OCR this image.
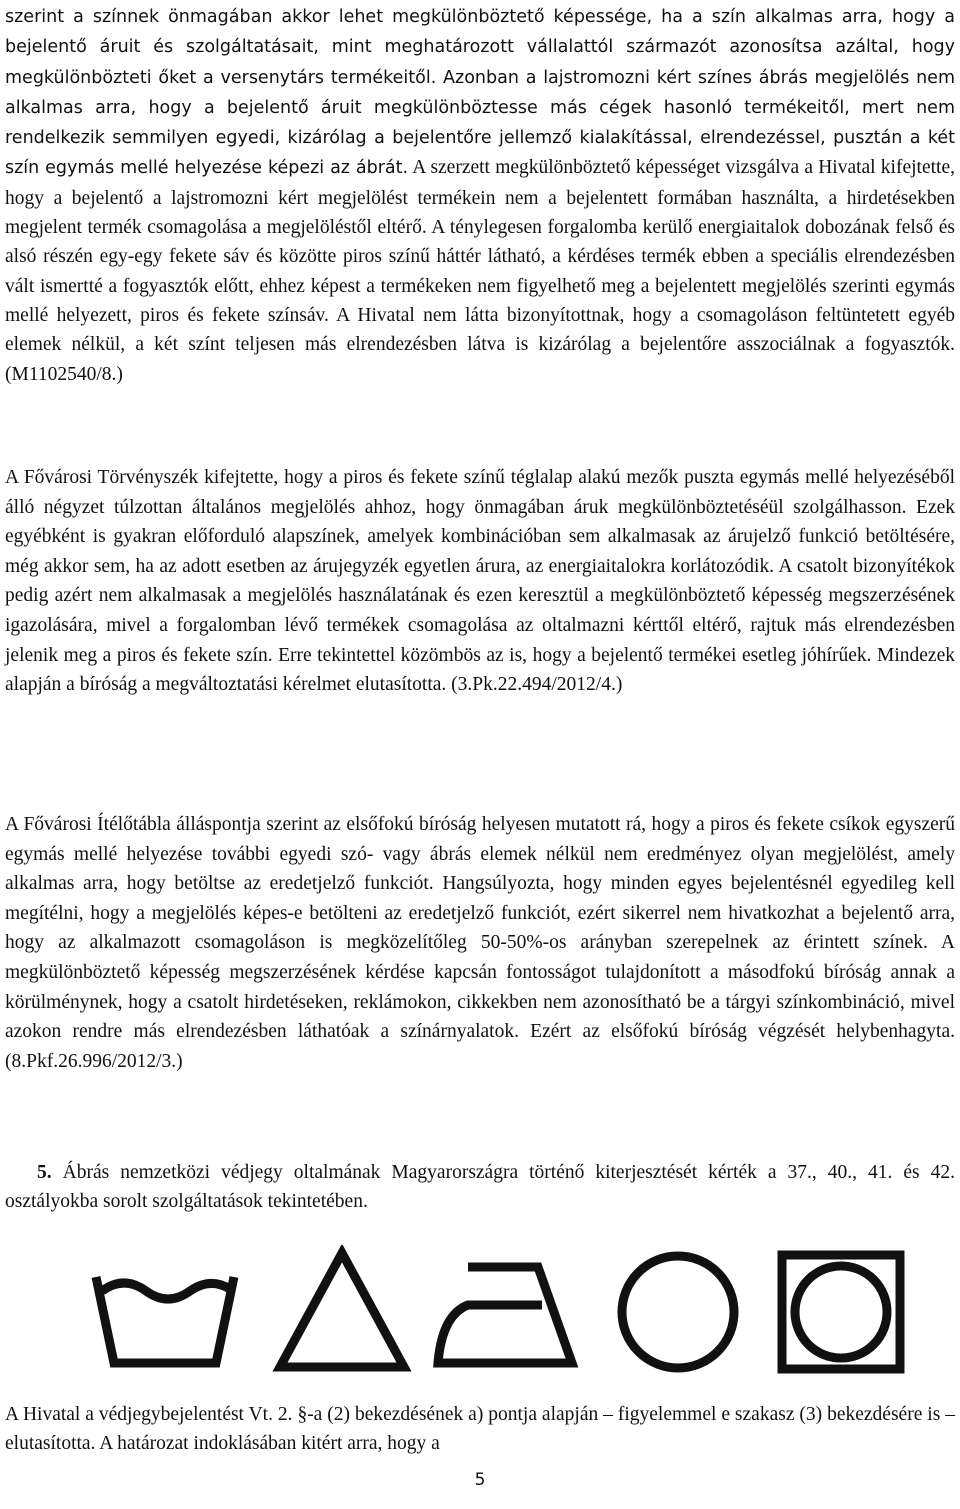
szerint a színnek önmagában akkor lehet megkülönböztető képessége, ha a szín alkalmas arra, hogy a bejelentő áruit és szolgáltatásait, mint meghatározott vállalattól származót azonosítsa azáltal, hogy megkülönbözteti őket a versenytárs termékeitől. Azonban a lajstromozni kért színes ábrás megjelölés nem alkalmas arra, hogy a bejelentő áruit megkülönböztesse más cégek hasonló termékeitől, mert nem rendelkezik semmilyen egyedi, kizárólag a bejelentőre jellemző kialakítással, elrendezéssel, pusztán a két szín egymás mellé helyezése képezi az ábrát. A szerzett megkülönböztető képességet vizsgálva a Hivatal kifejtette, hogy a bejelentő a lajstromozni kért megjelölést termékein nem a bejelentett formában használta, a hirdetésekben megjelent termék csomagolása a megjelöléstől eltérő. A ténylegesen forgalomba kerülő energiaitalok dobozának felső és alsó részén egy-egy fekete sáv és közötte piros színű háttér látható, a kérdéses termék ebben a speciális elrendezésben vált ismertté a fogyasztók előtt, ehhez képest a termékeken nem figyelhető meg a bejelentett megjelölés szerinti egymás mellé helyezett, piros és fekete színsáv. A Hivatal nem látta bizonyítottnak, hogy a csomagoláson feltüntetett egyéb elemek nélkül, a két színt teljesen más elrendezésben látva is kizárólag a bejelentőre asszociálnak a fogyasztók. (M1102540/8.)
A Fővárosi Törvényszék kifejtette, hogy a piros és fekete színű téglalap alakú mezők puszta egymás mellé helyezéséből álló négyzet túlzottan általános megjelölés ahhoz, hogy önmagában áruk megkülönböztetéséül szolgálhasson. Ezek egyébként is gyakran előforduló alapszínek, amelyek kombinációban sem alkalmasak az árujelző funkció betöltésére, még akkor sem, ha az adott esetben az árujegyzék egyetlen árura, az energiaitalokra korlátozódik. A csatolt bizonyítékok pedig azért nem alkalmasak a megjelölés használatának és ezen keresztül a megkülönböztető képesség megszerzésének igazolására, mivel a forgalomban lévő termékek csomagolása az oltalmazni kérttől eltérő, rajtuk más elrendezésben jelenik meg a piros és fekete szín. Erre tekintettel közömbös az is, hogy a bejelentő termékei esetleg jóhírűek. Mindezek alapján a bíróság a megváltoztatási kérelmet elutasította. (3.Pk.22.494/2012/4.)
A Fővárosi Ítélőtábla álláspontja szerint az elsőfokú bíróság helyesen mutatott rá, hogy a piros és fekete csíkok egyszerű egymás mellé helyezése további egyedi szó- vagy ábrás elemek nélkül nem eredményez olyan megjelölést, amely alkalmas arra, hogy betöltse az eredetjelző funkciót. Hangsúlyozta, hogy minden egyes bejelentésnél egyedileg kell megítélni, hogy a megjelölés képes-e betölteni az eredetjelző funkciót, ezért sikerrel nem hivatkozhat a bejelentő arra, hogy az alkalmazott csomagoláson is megközelítőleg 50-50%-os arányban szerepelnek az érintett színek. A megkülönböztető képesség megszerzésének kérdése kapcsán fontosságot tulajdonított a másodfokú bíróság annak a körülménynek, hogy a csatolt hirdetéseken, reklámokon, cikkekben nem azonosítható be a tárgyi színkombináció, mivel azokon rendre más elrendezésben láthatóak a színárnyalatok. Ezért az elsőfokú bíróság végzését helybenhagyta. (8.Pkf.26.996/2012/3.)
5. Ábrás nemzetközi védjegy oltalmának Magyarországra történő kiterjesztését kérték a 37., 40., 41. és 42. osztályokba sorolt szolgáltatások tekintetében.
A Hivatal a védjegybejelentést Vt. 2. §-a (2) bekezdésének a) pontja alapján – figyelemmel e szakasz (3) bekezdésére is – elutasította. A határozat indoklásában kitért arra, hogy a
5
